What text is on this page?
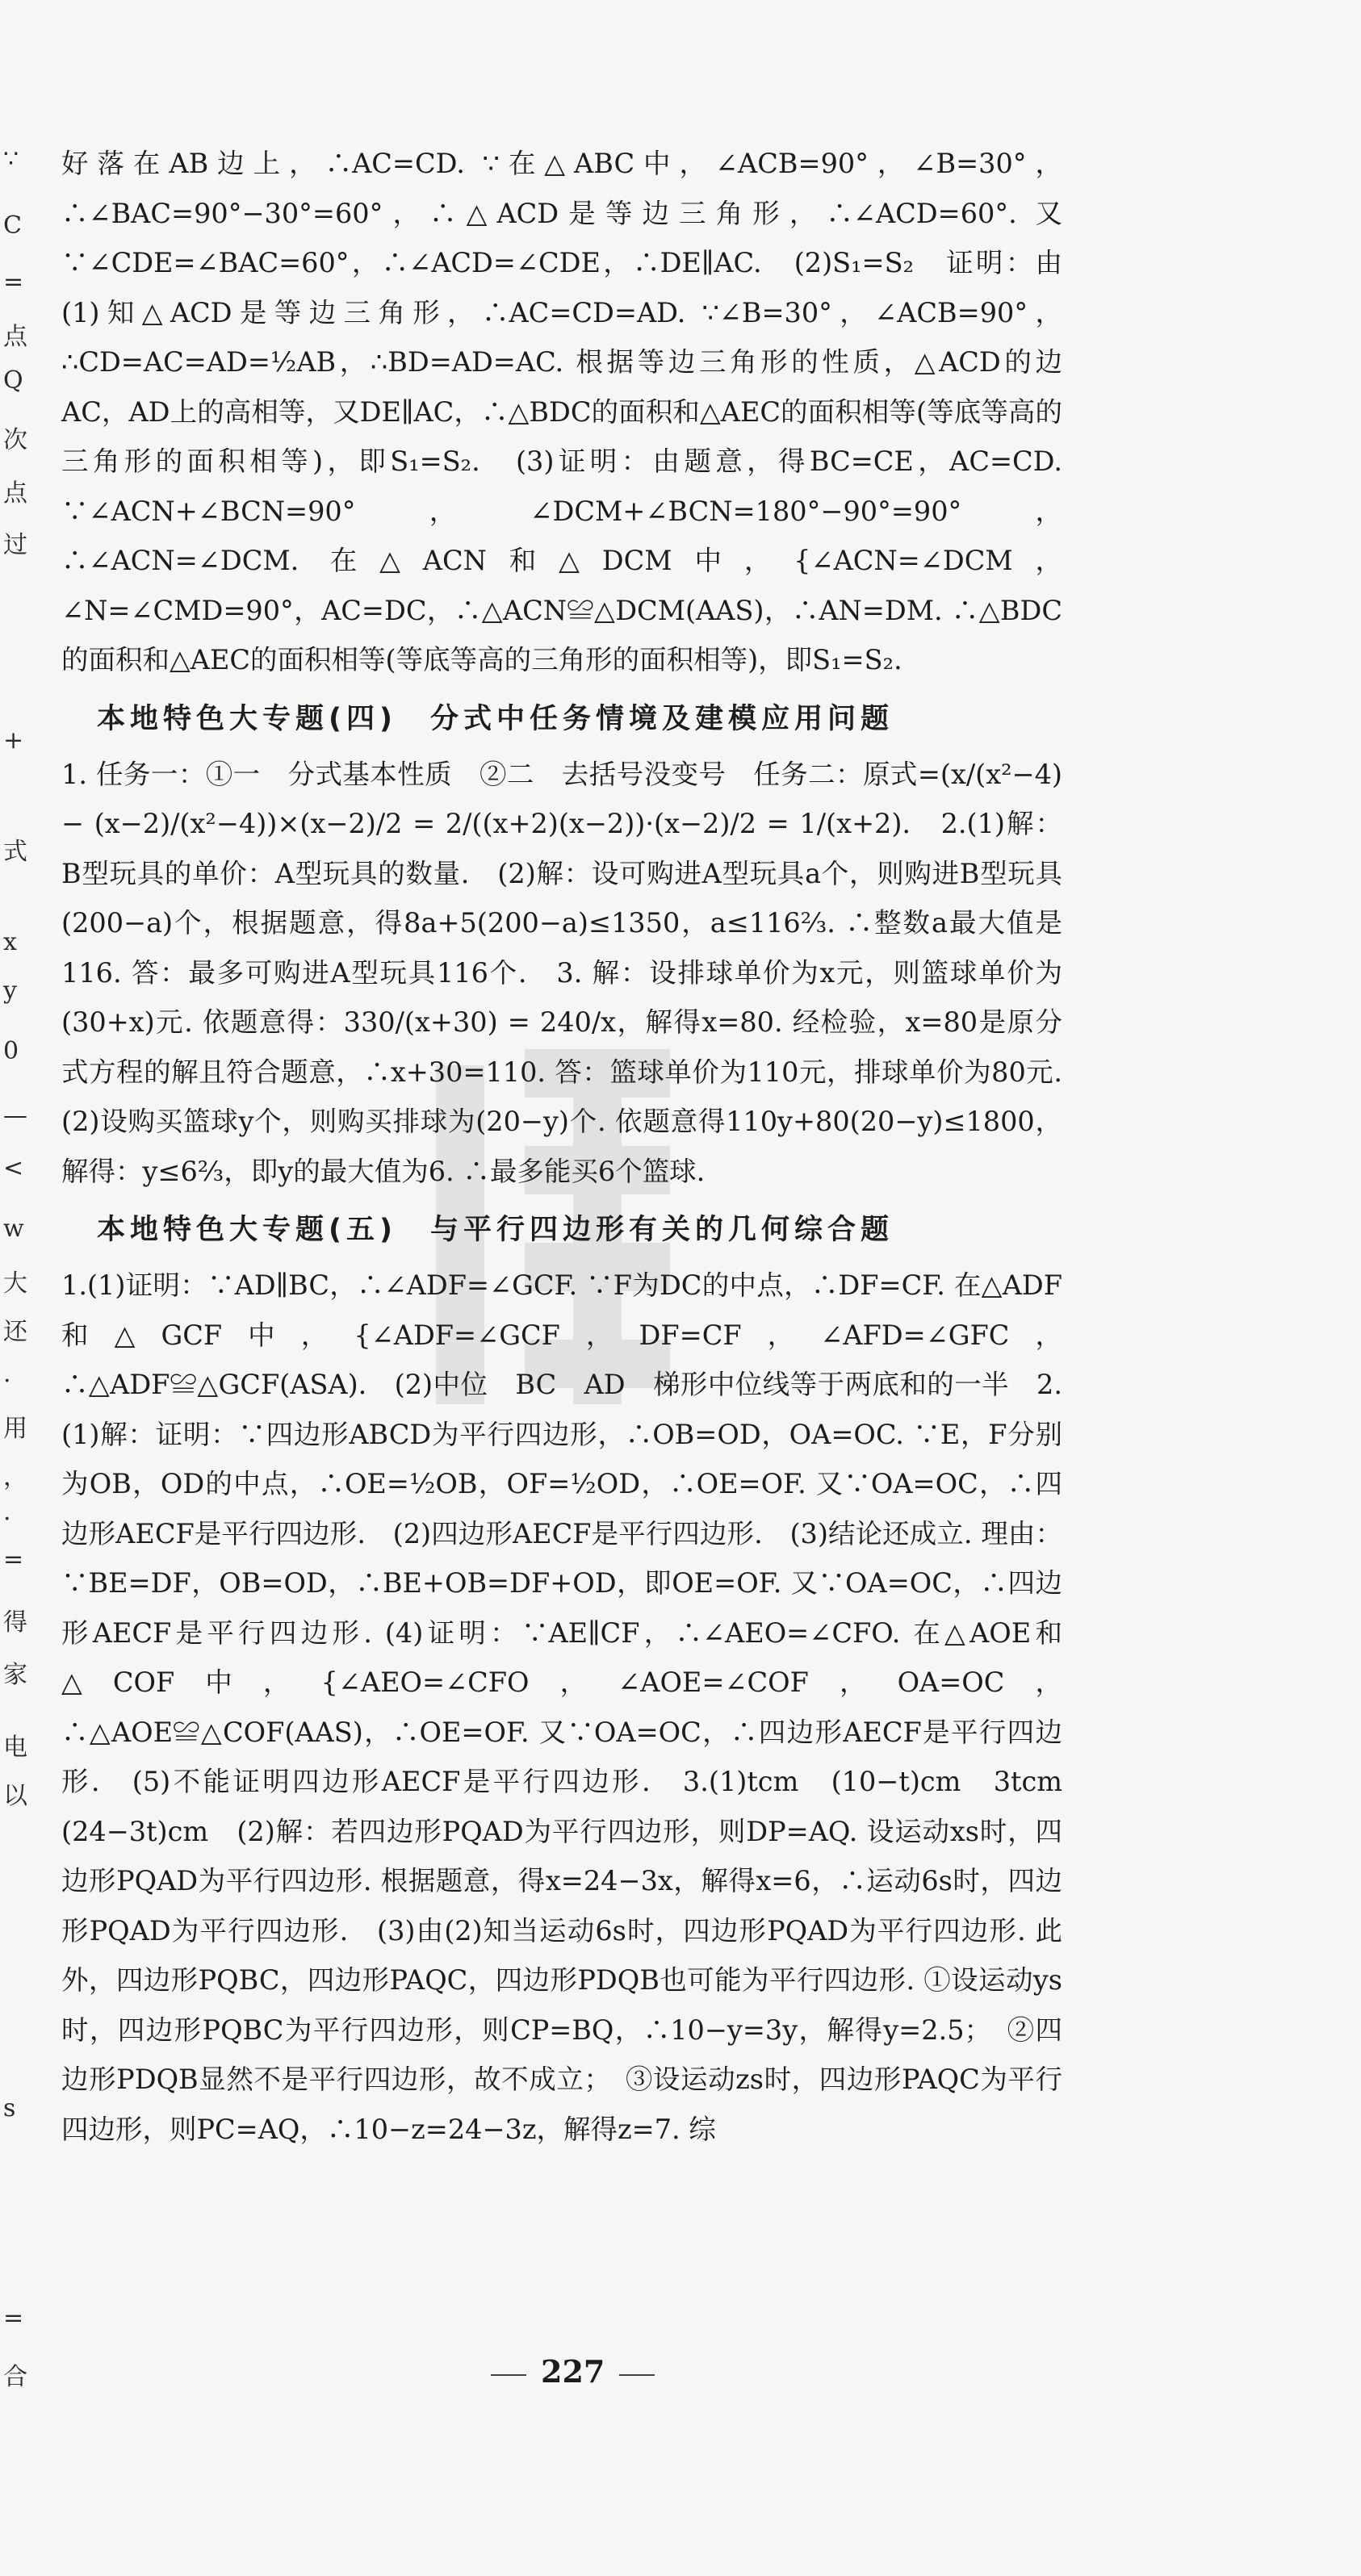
∵
C
=
点
Q
次
点
过
+
式
x
y
0
—
<
w
大
还
.
用
，
·
=
得
家
电
以
s
=
合

好落在AB边上，∴AC=CD. ∵在△ABC中，∠ACB=90°，∠B=30°，∴∠BAC=90°−30°=60°，∴△ACD是等边三角形，∴∠ACD=60°. 又∵∠CDE=∠BAC=60°，∴∠ACD=∠CDE，∴DE∥AC.　(2)S₁=S₂　证明：由(1)知△ACD是等边三角形，∴AC=CD=AD. ∵∠B=30°，∠ACB=90°，∴CD=AC=AD=½AB，∴BD=AD=AC. 根据等边三角形的性质，△ACD的边AC，AD上的高相等，又DE∥AC，∴△BDC的面积和△AEC的面积相等(等底等高的三角形的面积相等)，即S₁=S₂.　(3)证明：由题意，得BC=CE，AC=CD. ∵∠ACN+∠BCN=90°，∠DCM+∠BCN=180°−90°=90°，∴∠ACN=∠DCM. 在△ACN和△DCM中，{∠ACN=∠DCM，∠N=∠CMD=90°，AC=DC，∴△ACN≌△DCM(AAS)，∴AN=DM. ∴△BDC的面积和△AEC的面积相等(等底等高的三角形的面积相等)，即S₁=S₂.

本地特色大专题(四)　分式中任务情境及建模应用问题

1. 任务一：①一　分式基本性质　②二　去括号没变号　任务二：原式=(x/(x²−4) − (x−2)/(x²−4))×(x−2)/2 = 2/((x+2)(x−2))·(x−2)/2 = 1/(x+2).　2.(1)解：B型玩具的单价：A型玩具的数量.　(2)解：设可购进A型玩具a个，则购进B型玩具(200−a)个，根据题意，得8a+5(200−a)≤1350，a≤116⅔. ∴整数a最大值是116. 答：最多可购进A型玩具116个.　3. 解：设排球单价为x元，则篮球单价为(30+x)元. 依题意得：330/(x+30) = 240/x，解得x=80. 经检验，x=80是原分式方程的解且符合题意，∴x+30=110. 答：篮球单价为110元，排球单价为80元.　(2)设购买篮球y个，则购买排球为(20−y)个. 依题意得110y+80(20−y)≤1800，解得：y≤6⅔，即y的最大值为6. ∴最多能买6个篮球.

本地特色大专题(五)　与平行四边形有关的几何综合题

1.(1)证明：∵AD∥BC，∴∠ADF=∠GCF. ∵F为DC的中点，∴DF=CF. 在△ADF和△GCF中，{∠ADF=∠GCF，DF=CF，∠AFD=∠GFC，∴△ADF≌△GCF(ASA).　(2)中位　BC　AD　梯形中位线等于两底和的一半　2.(1)解：证明：∵四边形ABCD为平行四边形，∴OB=OD，OA=OC. ∵E，F分别为OB，OD的中点，∴OE=½OB，OF=½OD，∴OE=OF. 又∵OA=OC，∴四边形AECF是平行四边形.　(2)四边形AECF是平行四边形.　(3)结论还成立. 理由：∵BE=DF，OB=OD，∴BE+OB=DF+OD，即OE=OF. 又∵OA=OC，∴四边形AECF是平行四边形. (4)证明：∵AE∥CF，∴∠AEO=∠CFO. 在△AOE和△COF中，{∠AEO=∠CFO，∠AOE=∠COF，OA=OC，∴△AOE≌△COF(AAS)，∴OE=OF. 又∵OA=OC，∴四边形AECF是平行四边形.　(5)不能证明四边形AECF是平行四边形.　3.(1)tcm　(10−t)cm　3tcm　(24−3t)cm　(2)解：若四边形PQAD为平行四边形，则DP=AQ. 设运动xs时，四边形PQAD为平行四边形. 根据题意，得x=24−3x，解得x=6，∴运动6s时，四边形PQAD为平行四边形.　(3)由(2)知当运动6s时，四边形PQAD为平行四边形. 此外，四边形PQBC，四边形PAQC，四边形PDQB也可能为平行四边形. ①设运动ys时，四边形PQBC为平行四边形，则CP=BQ，∴10−y=3y，解得y=2.5；　②四边形PDQB显然不是平行四边形，故不成立；　③设运动zs时，四边形PAQC为平行四边形，则PC=AQ，∴10−z=24−3z，解得z=7. 综

227
